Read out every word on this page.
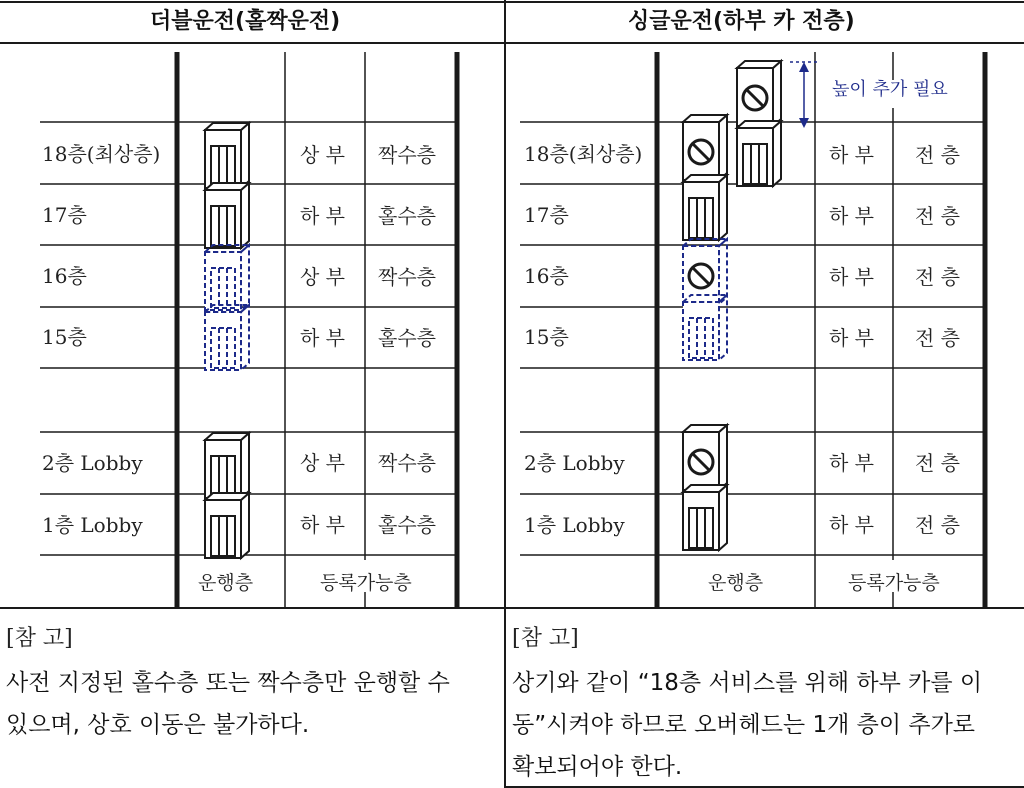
더블운전(홀짝운전)
18층(최상층)
17층
16층
15층
2층 Lobby
1층 Lobby
상 부
하 부
상 부
하 부
상 부
하 부
짝수층
홀수층
짝수층
홀수층
짝수층
홀수층
운행층	등록가능층
[참 고]
사전 지정된 홀수층 또는 짝수층만 운행할 수
있으며, 상호 이동은 불가하다.
싱글운전(하부 카 전층)
높이 추가 필요
18층(최상층)
17층
16층
15층
2층 Lobby
1층 Lobby
하 부
하 부
하 부
하 부
하 부
하 부
전 층
전 층
전 층
전 층
전 층
전 층
운행층	등록가능층
[참 고]
상기와 같이 “18층 서비스를 위해 하부 카를 이
동”시켜야 하므로 오버헤드는 1개 층이 추가로
확보되어야 한다.
